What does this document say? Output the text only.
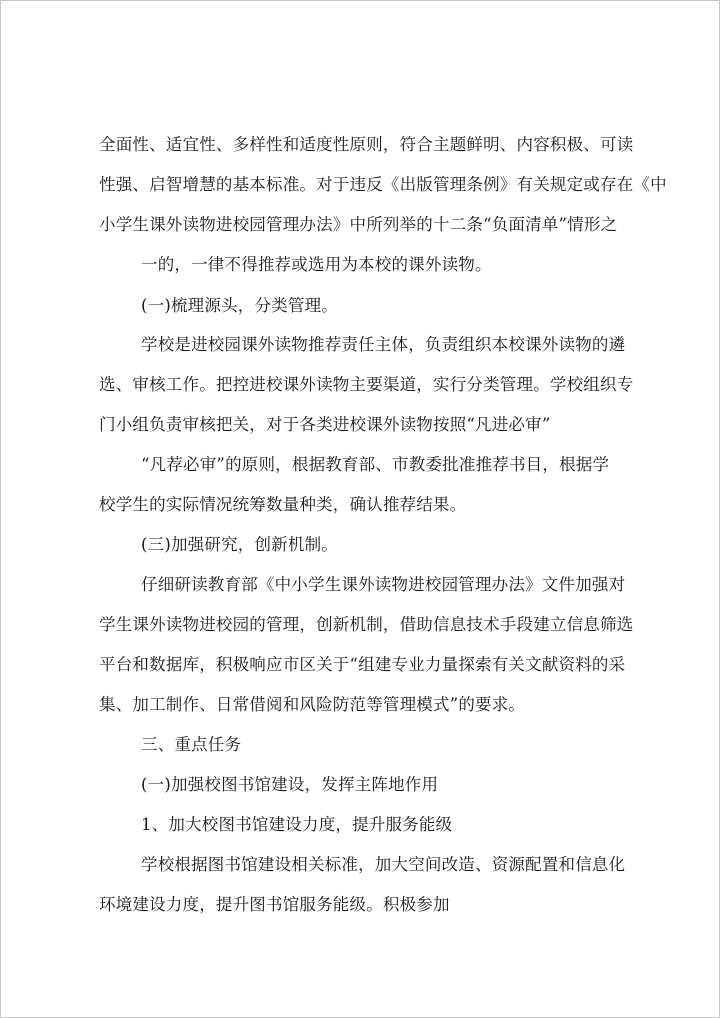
全面性、适宜性、多样性和适度性原则，符合主题鲜明、内容积极、可读
性强、启智增慧的基本标准。对于违反《出版管理条例》有关规定或存在《中
小学生课外读物进校园管理办法》中所列举的十二条“负面清单”情形之
一的，一律不得推荐或选用为本校的课外读物。
(一)梳理源头，分类管理。
学校是进校园课外读物推荐责任主体，负责组织本校课外读物的遴
选、审核工作。把控进校课外读物主要渠道，实行分类管理。学校组织专
门小组负责审核把关，对于各类进校课外读物按照“凡进必审”
“凡荐必审”的原则，根据教育部、市教委批准推荐书目，根据学
校学生的实际情况统筹数量种类，确认推荐结果。
(三)加强研究，创新机制。
仔细研读教育部《中小学生课外读物进校园管理办法》文件加强对
学生课外读物进校园的管理，创新机制，借助信息技术手段建立信息筛选
平台和数据库，积极响应市区关于“组建专业力量探索有关文献资料的采
集、加工制作、日常借阅和风险防范等管理模式”的要求。
三、重点任务
(一)加强校图书馆建设，发挥主阵地作用
1、加大校图书馆建设力度，提升服务能级
学校根据图书馆建设相关标准，加大空间改造、资源配置和信息化
环境建设力度，提升图书馆服务能级。积极参加
